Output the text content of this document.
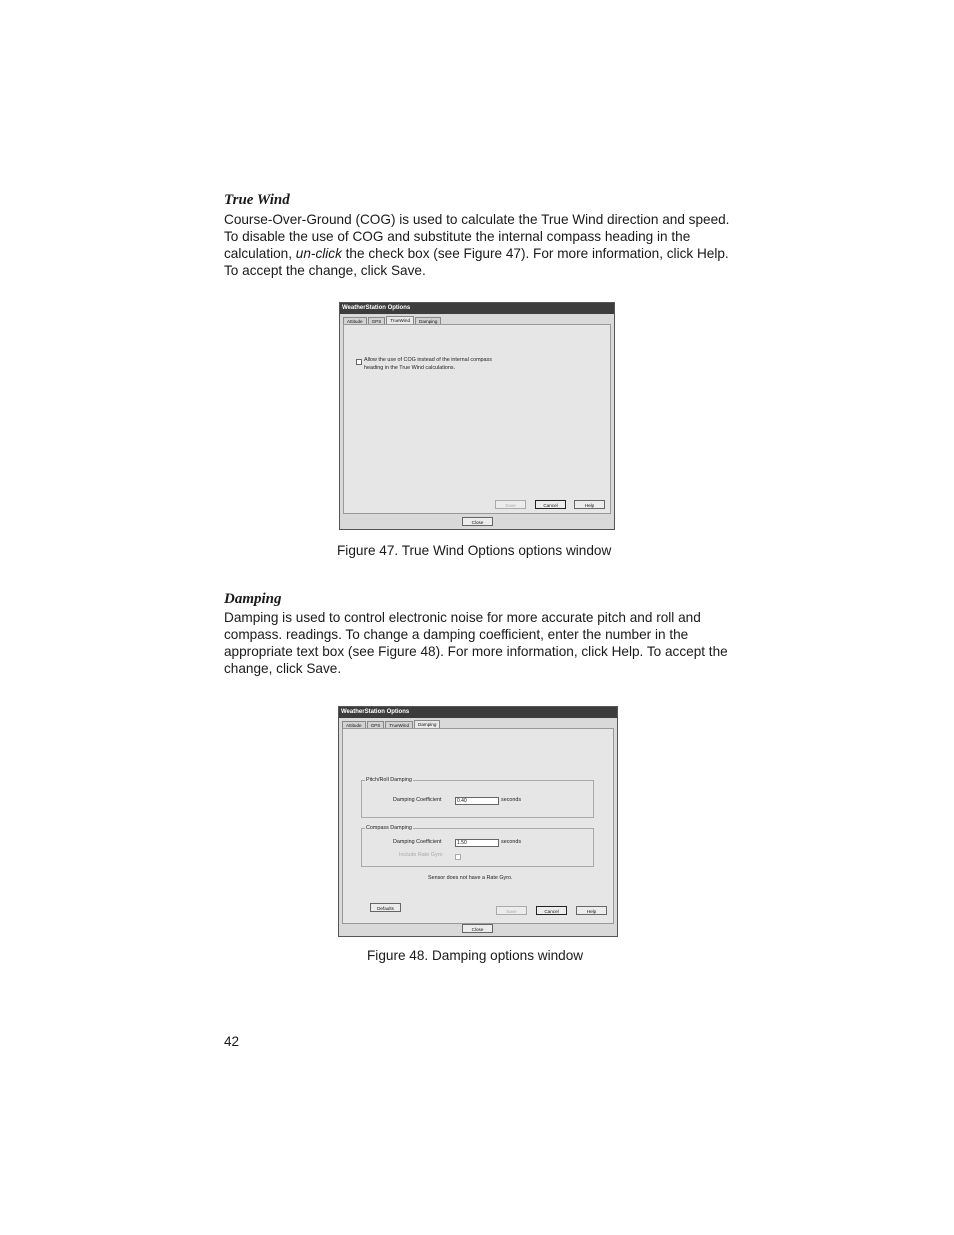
True Wind

Course-Over-Ground (COG) is used to calculate the True Wind direction and speed. To disable the use of COG and substitute the internal compass heading in the calculation, un-click the check box (see Figure 47). For more information, click Help. To accept the change, click Save.

WeatherStation Options
Attitude	GPS	TrueWind	Damping
Allow the use of COG instead of the internal compass
heading in the True Wind calculations.
Save	Cancel	Help
Close

Figure 47. True Wind Options options window

Damping

Damping is used to control electronic noise for more accurate pitch and roll and compass. readings. To change a damping coefficient, enter the number in the appropriate text box (see Figure 48). For more information, click Help. To accept the change, click Save.

WeatherStation Options
Attitude	GPS	TrueWind	Damping
Pitch/Roll Damping
Damping Coefficient	0.40	seconds
Compass Damping
Damping Coefficient	1.50	seconds
Include Rate Gyro
Sensor does not have a Rate Gyro.
Defaults
Save	Cancel	Help
Close

Figure 48. Damping options window

42
